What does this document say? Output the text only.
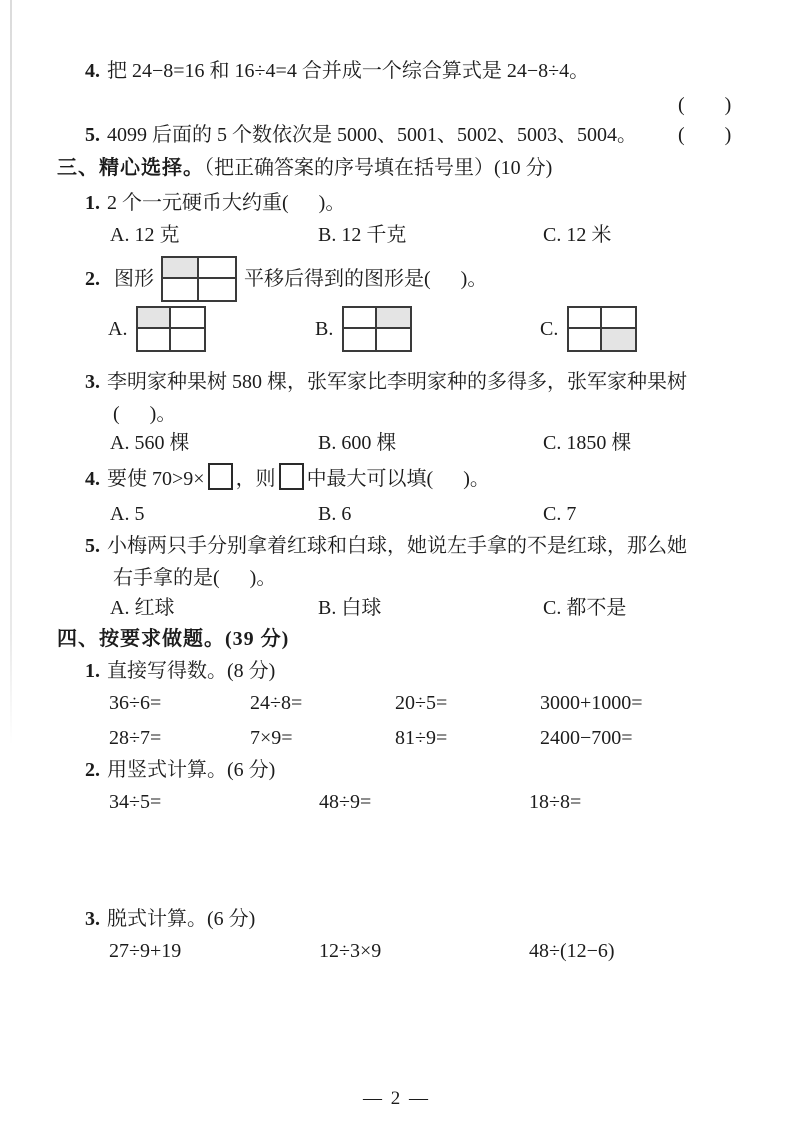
4. 把 24−8=16 和 16÷4=4 合并成一个综合算式是 24−8÷4。
(        )
5. 4099 后面的 5 个数依次是 5000、5001、5002、5003、5004。 (        )
三、精心选择。（把正确答案的序号填在括号里）(10 分)
1. 2 个一元硬币大约重(      )。
A. 12 克	B. 12 千克	C. 12 米
2. 图形	平移后得到的图形是(      )。
A.	B.	C.
3. 李明家种果树 580 棵，张军家比李明家种的多得多，张军家种果树
(      )。
A. 560 棵	B. 600 棵	C. 1850 棵
4. 要使 70>9× ，则 中最大可以填(      )。
A. 5	B. 6	C. 7
5. 小梅两只手分别拿着红球和白球，她说左手拿的不是红球，那么她
右手拿的是(      )。
A. 红球	B. 白球	C. 都不是
四、按要求做题。(39 分)
1. 直接写得数。(8 分)
36÷6=	24÷8=	20÷5=	3000+1000=
28÷7=	7×9=	81÷9=	2400−700=
2. 用竖式计算。(6 分)
34÷5=	48÷9=	18÷8=
3. 脱式计算。(6 分)
27÷9+19	12÷3×9	48÷(12−6)
— 2 —
